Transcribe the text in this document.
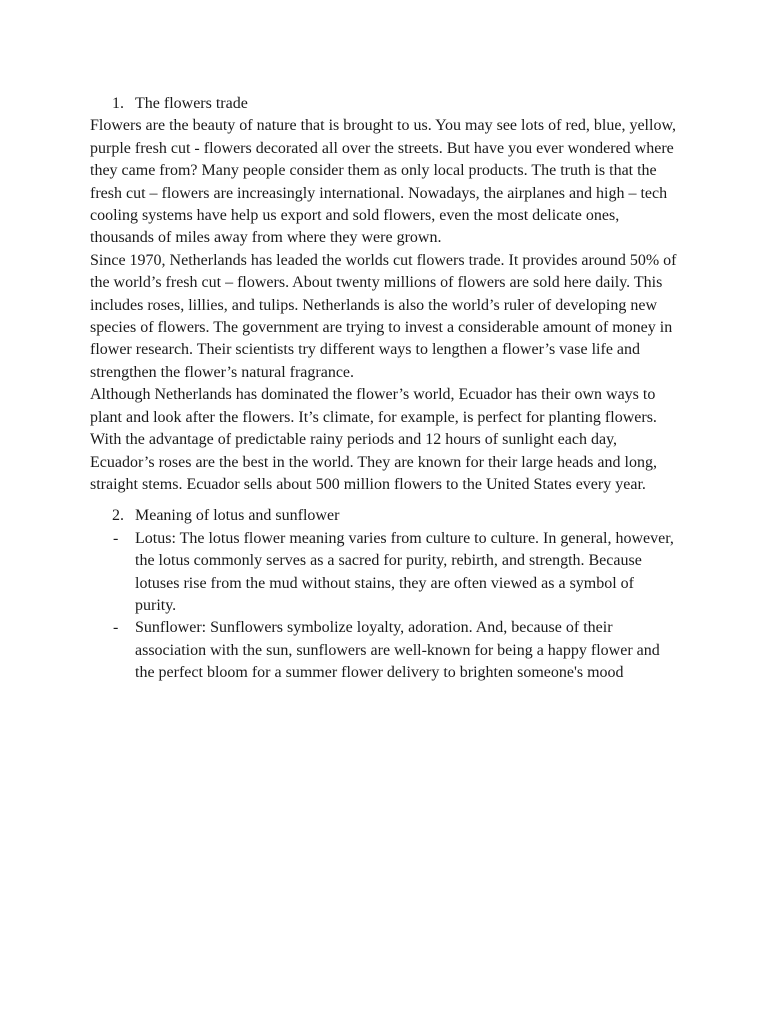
1. The flowers trade

Flowers are the beauty of nature that is brought to us. You may see lots of red, blue, yellow, purple fresh cut - flowers decorated all over the streets. But have you ever wondered where they came from? Many people consider them as only local products. The truth is that the fresh cut – flowers are increasingly international. Nowadays, the airplanes and high – tech cooling systems have help us export and sold flowers, even the most delicate ones, thousands of miles away from where they were grown.

Since 1970, Netherlands has leaded the worlds cut flowers trade. It provides around 50% of the world’s fresh cut – flowers. About twenty millions of flowers are sold here daily. This includes roses, lillies, and tulips. Netherlands is also the world’s ruler of developing new species of flowers. The government are trying to invest a considerable amount of money in flower research. Their scientists try different ways to lengthen a flower’s vase life and strengthen the flower’s natural fragrance.

Although Netherlands has dominated the flower’s world, Ecuador has their own ways to plant and look after the flowers. It’s climate, for example, is perfect for planting flowers. With the advantage of predictable rainy periods and 12 hours of sunlight each day, Ecuador’s roses are the best in the world. They are known for their large heads and long, straight stems. Ecuador sells about 500 million flowers to the United States every year.

2. Meaning of lotus and sunflower
- Lotus: The lotus flower meaning varies from culture to culture. In general, however, the lotus commonly serves as a sacred for purity, rebirth, and strength. Because lotuses rise from the mud without stains, they are often viewed as a symbol of purity.
- Sunflower: Sunflowers symbolize loyalty, adoration. And, because of their association with the sun, sunflowers are well-known for being a happy flower and the perfect bloom for a summer flower delivery to brighten someone's mood
